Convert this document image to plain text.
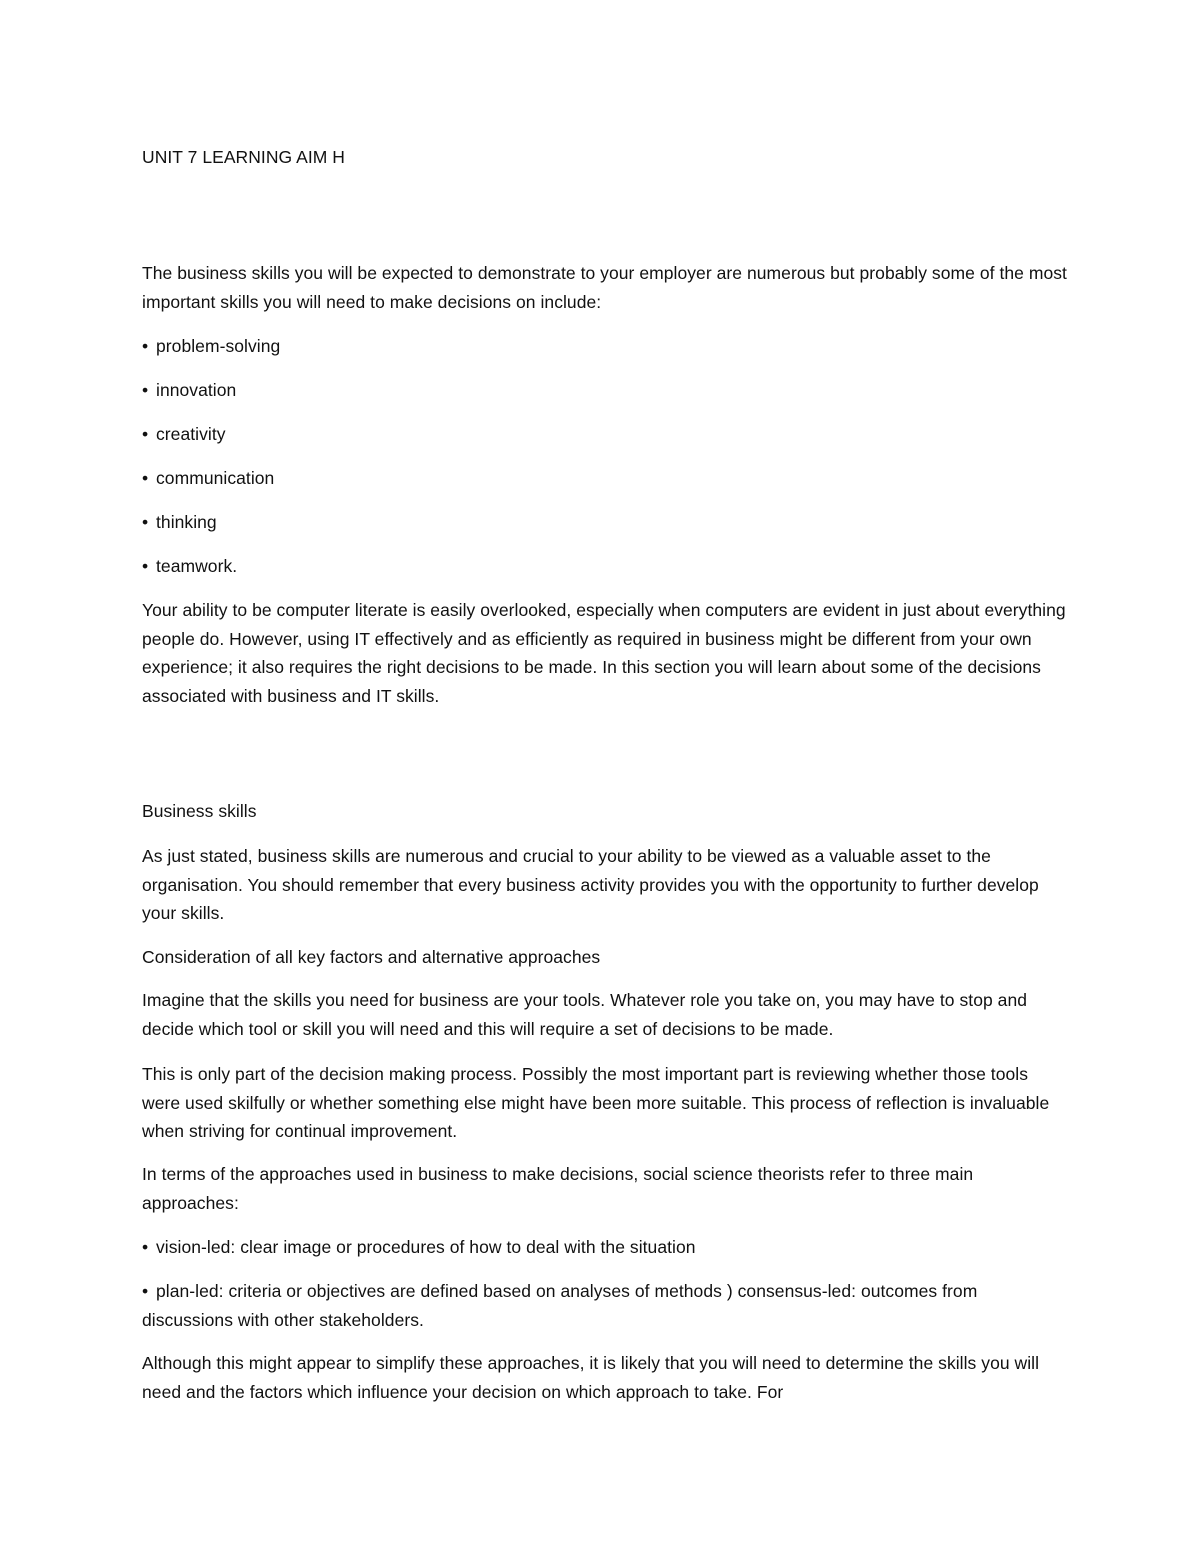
UNIT 7 LEARNING AIM H

The business skills you will be expected to demonstrate to your employer are numerous but probably some of the most important skills you will need to make decisions on include:

• problem-solving
• innovation
• creativity
• communication
• thinking
• teamwork.

Your ability to be computer literate is easily overlooked, especially when computers are evident in just about everything people do. However, using IT effectively and as efficiently as required in business might be different from your own experience; it also requires the right decisions to be made. In this section you will learn about some of the decisions associated with business and IT skills.

Business skills

As just stated, business skills are numerous and crucial to your ability to be viewed as a valuable asset to the organisation. You should remember that every business activity provides you with the opportunity to further develop your skills.

Consideration of all key factors and alternative approaches

Imagine that the skills you need for business are your tools. Whatever role you take on, you may have to stop and decide which tool or skill you will need and this will require a set of decisions to be made.

This is only part of the decision making process. Possibly the most important part is reviewing whether those tools were used skilfully or whether something else might have been more suitable. This process of reflection is invaluable when striving for continual improvement.

In terms of the approaches used in business to make decisions, social science theorists refer to three main approaches:

• vision-led: clear image or procedures of how to deal with the situation

• plan-led: criteria or objectives are defined based on analyses of methods ) consensus-led: outcomes from discussions with other stakeholders.

Although this might appear to simplify these approaches, it is likely that you will need to determine the skills you will need and the factors which influence your decision on which approach to take. For
